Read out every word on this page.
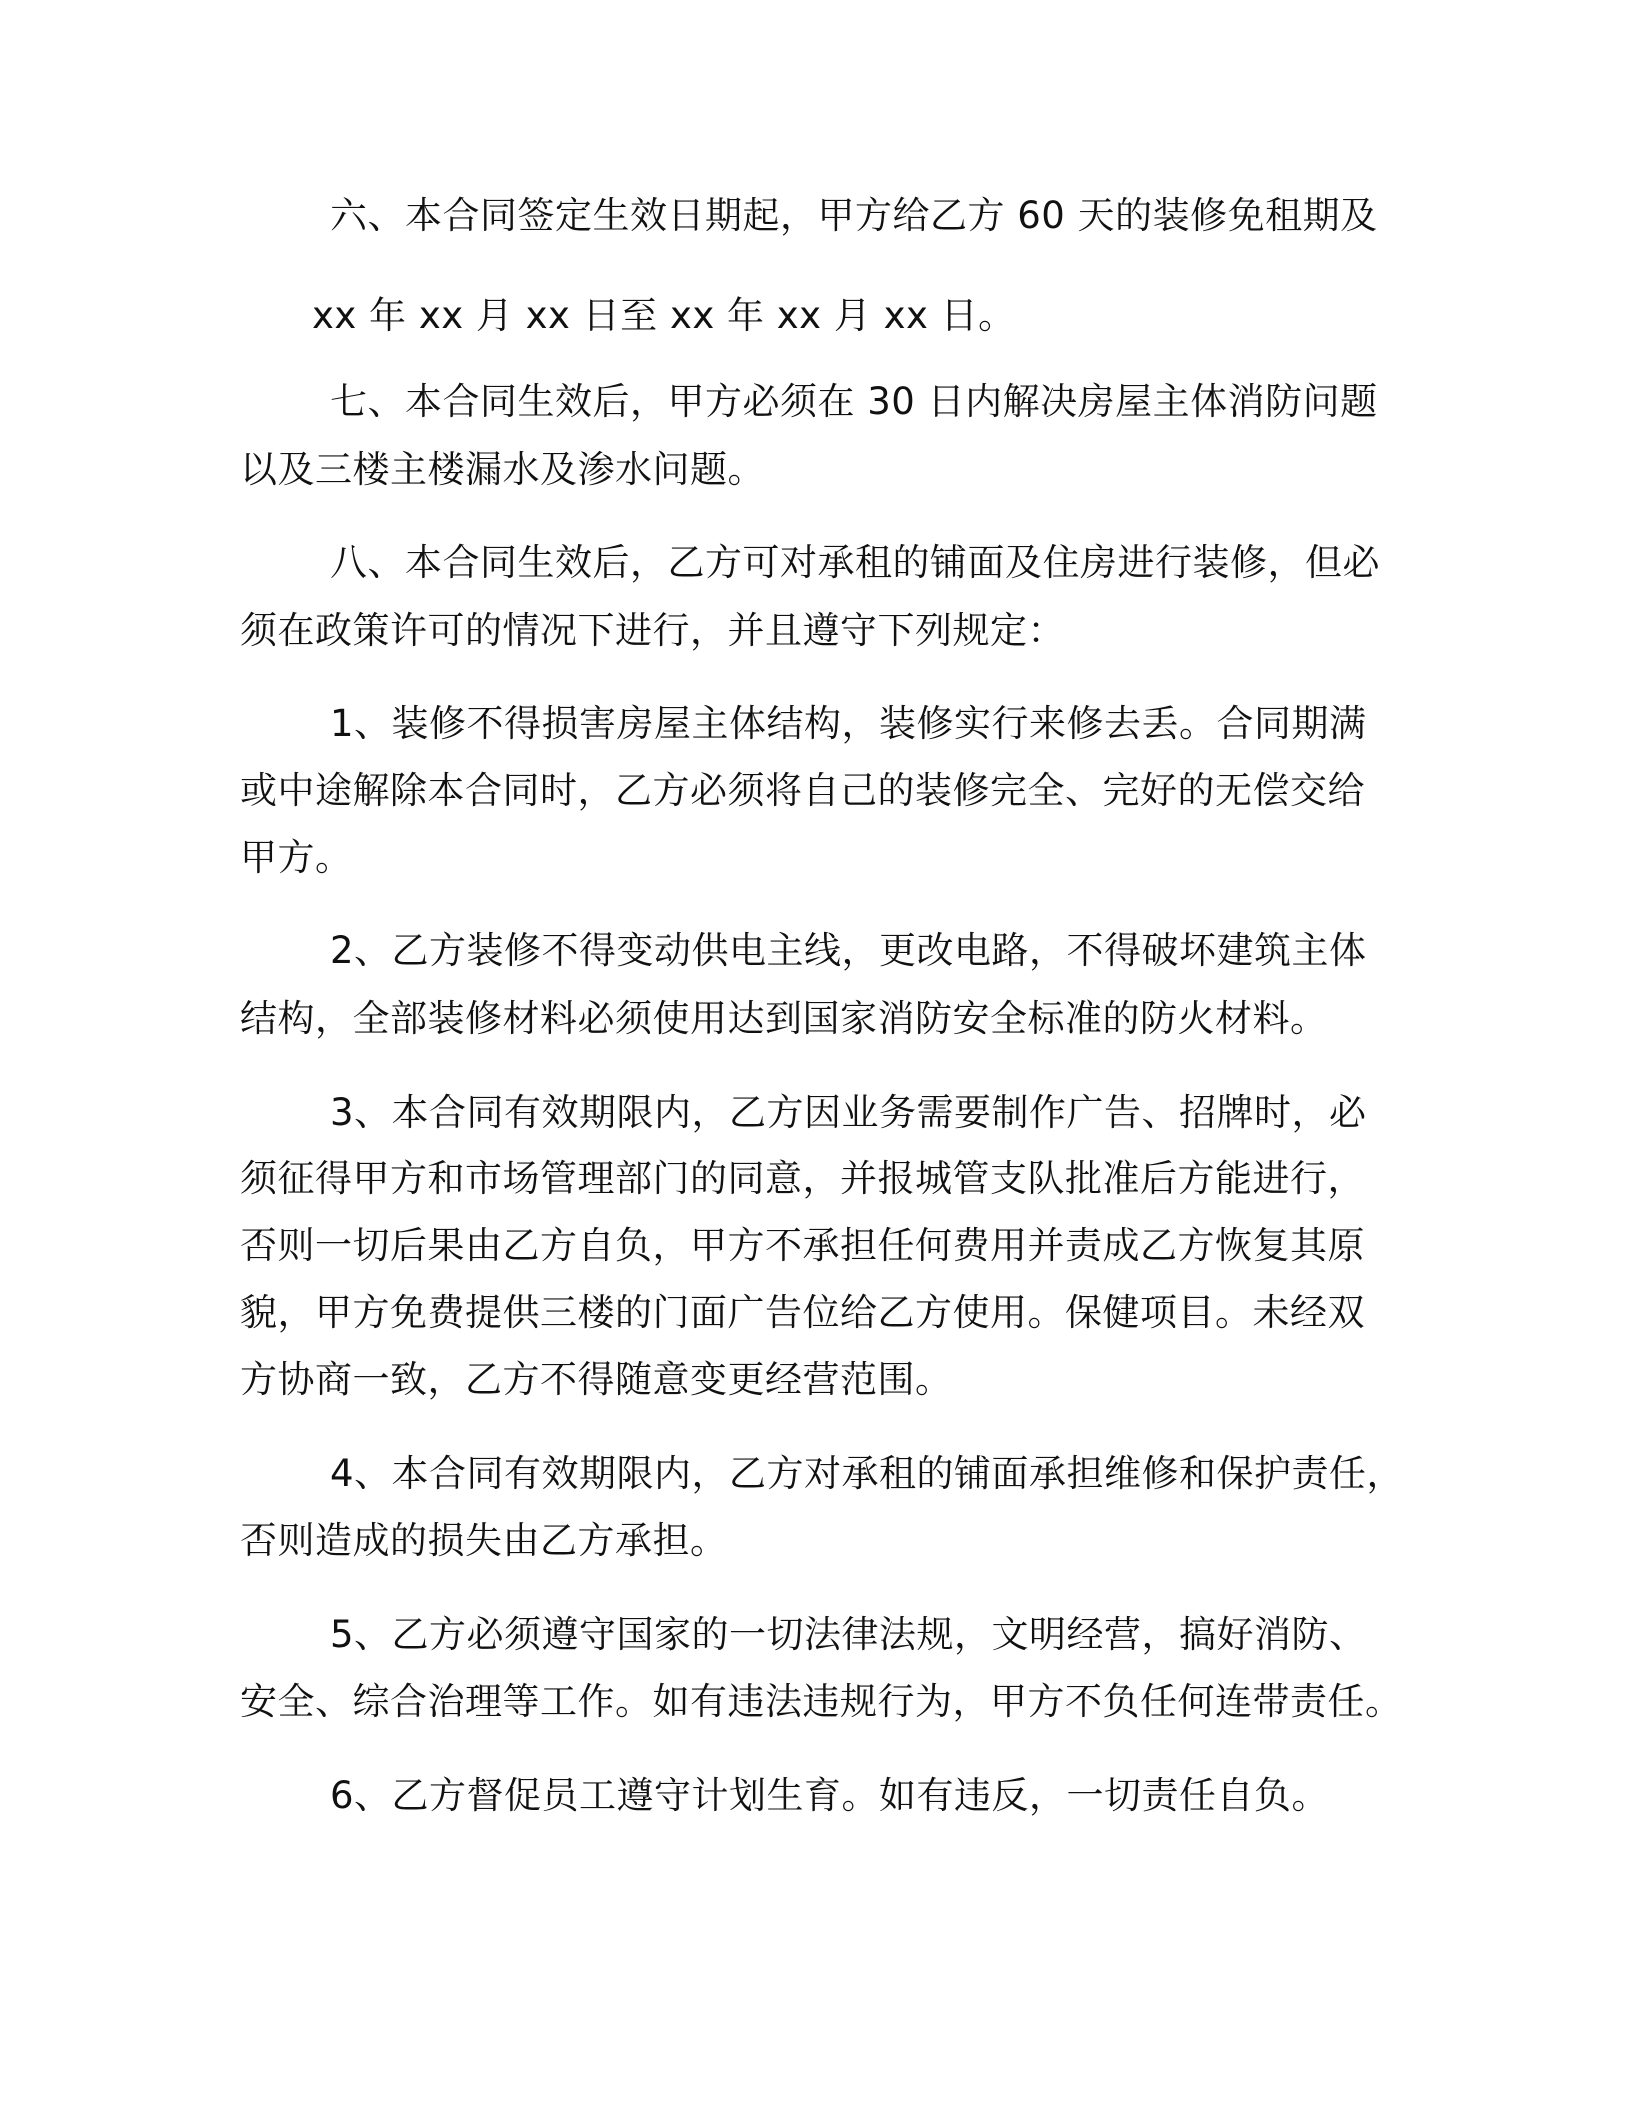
六、本合同签定生效日期起，甲方给乙方 60 天的装修免租期及
xx 年 xx 月 xx 日至 xx 年 xx 月 xx 日。
七、本合同生效后，甲方必须在 30 日内解决房屋主体消防问题
以及三楼主楼漏水及渗水问题。
八、本合同生效后，乙方可对承租的铺面及住房进行装修，但必
须在政策许可的情况下进行，并且遵守下列规定：
1、装修不得损害房屋主体结构，装修实行来修去丢。合同期满
或中途解除本合同时，乙方必须将自己的装修完全、完好的无偿交给
甲方。
2、乙方装修不得变动供电主线，更改电路，不得破坏建筑主体
结构，全部装修材料必须使用达到国家消防安全标准的防火材料。
3、本合同有效期限内，乙方因业务需要制作广告、招牌时，必
须征得甲方和市场管理部门的同意，并报城管支队批准后方能进行，
否则一切后果由乙方自负，甲方不承担任何费用并责成乙方恢复其原
貌，甲方免费提供三楼的门面广告位给乙方使用。保健项目。未经双
方协商一致，乙方不得随意变更经营范围。
4、本合同有效期限内，乙方对承租的铺面承担维修和保护责任，
否则造成的损失由乙方承担。
5、乙方必须遵守国家的一切法律法规，文明经营，搞好消防、
安全、综合治理等工作。如有违法违规行为，甲方不负任何连带责任。
6、乙方督促员工遵守计划生育。如有违反，一切责任自负。
